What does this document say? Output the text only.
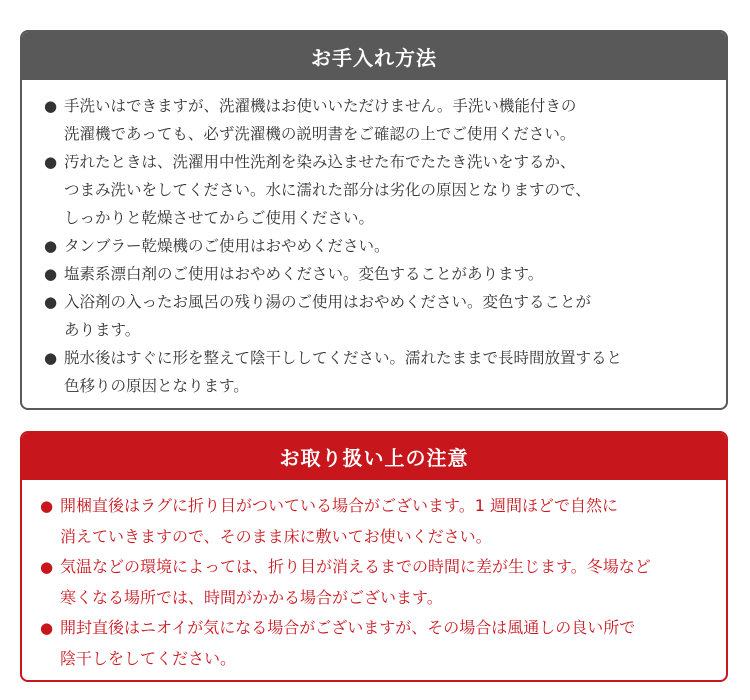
お手入れ方法
● 手洗いはできますが、洗濯機はお使いいただけません。手洗い機能付きの
洗濯機であっても、必ず洗濯機の説明書をご確認の上でご使用ください。
● 汚れたときは、洗濯用中性洗剤を染み込ませた布でたたき洗いをするか、
つまみ洗いをしてください。水に濡れた部分は劣化の原因となりますので、
しっかりと乾燥させてからご使用ください。
● タンブラー乾燥機のご使用はおやめください。
● 塩素系漂白剤のご使用はおやめください。変色することがあります。
● 入浴剤の入ったお風呂の残り湯のご使用はおやめください。変色することが
あります。
● 脱水後はすぐに形を整えて陰干ししてください。濡れたままで長時間放置すると
色移りの原因となります。
お取り扱い上の注意
● 開梱直後はラグに折り目がついている場合がございます。1 週間ほどで自然に
消えていきますので、そのまま床に敷いてお使いください。
● 気温などの環境によっては、折り目が消えるまでの時間に差が生じます。冬場など
寒くなる場所では、時間がかかる場合がございます。
● 開封直後はニオイが気になる場合がございますが、その場合は風通しの良い所で
陰干しをしてください。
